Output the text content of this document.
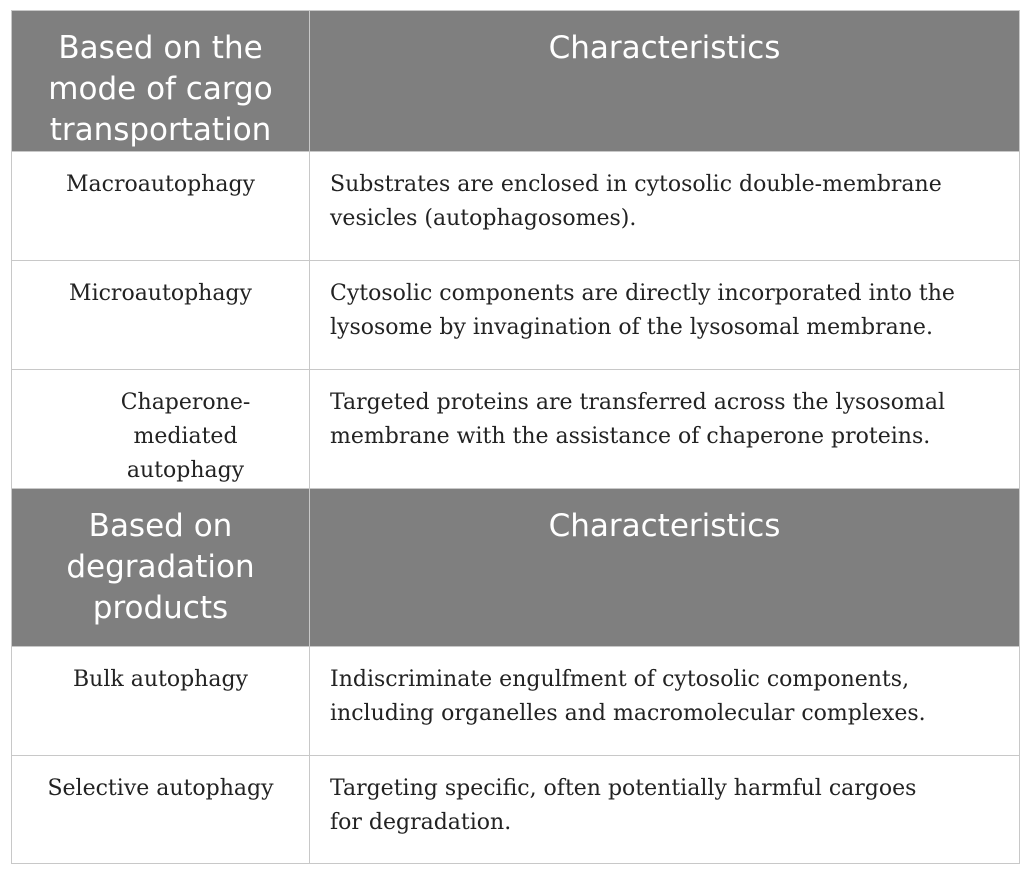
Based on the mode of cargo transportation	Characteristics
Macroautophagy	Substrates are enclosed in cytosolic double-membrane vesicles (autophagosomes).
Microautophagy	Cytosolic components are directly incorporated into the lysosome by invagination of the lysosomal membrane.
Chaperone-mediated autophagy	Targeted proteins are transferred across the lysosomal membrane with the assistance of chaperone proteins.
Based on degradation products	Characteristics
Bulk autophagy	Indiscriminate engulfment of cytosolic components, including organelles and macromolecular complexes.
Selective autophagy	Targeting specific, often potentially harmful cargoes for degradation.
